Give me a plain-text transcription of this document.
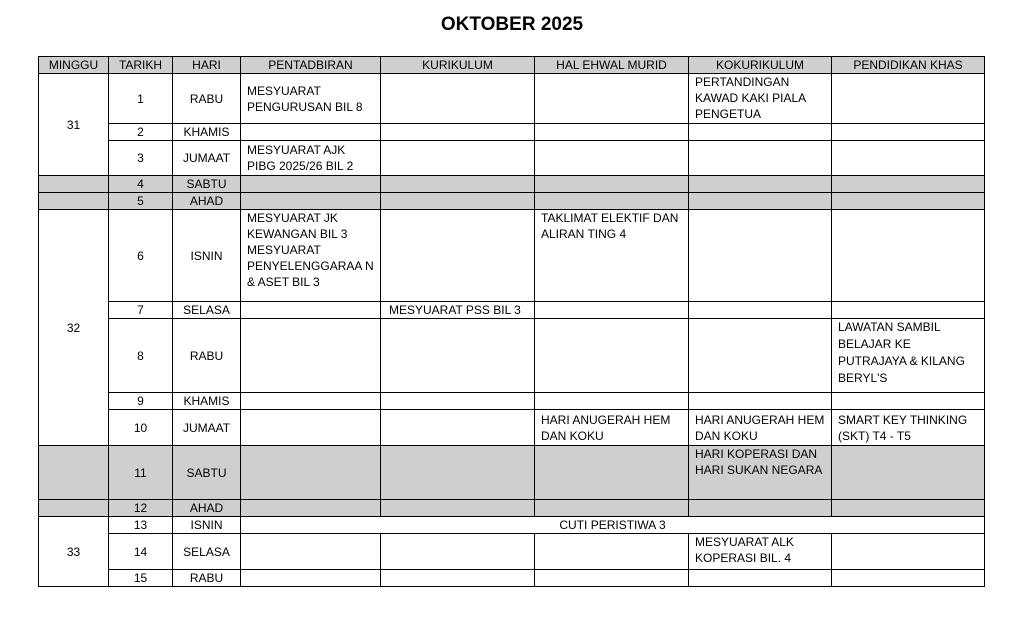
OKTOBER 2025
MINGGU	TARIKH	HARI	PENTADBIRAN	KURIKULUM	HAL EHWAL MURID	KOKURIKULUM	PENDIDIKAN KHAS
31	1	RABU	MESYUARAT PENGURUSAN BIL 8			PERTANDINGAN KAWAD KAKI PIALA PENGETUA	
	2	KHAMIS					
	3	JUMAAT	MESYUARAT AJK PIBG 2025/26 BIL 2				
	4	SABTU					
	5	AHAD					
32	6	ISNIN	MESYUARAT JK KEWANGAN BIL 3 MESYUARAT PENYELENGGARAA N & ASET BIL 3		TAKLIMAT ELEKTIF DAN ALIRAN TING 4		
	7	SELASA		MESYUARAT PSS BIL 3			
	8	RABU					LAWATAN SAMBIL BELAJAR KE PUTRAJAYA & KILANG BERYL'S
	9	KHAMIS					
	10	JUMAAT			HARI ANUGERAH HEM DAN KOKU	HARI ANUGERAH HEM DAN KOKU	SMART KEY THINKING (SKT) T4 - T5
	11	SABTU				HARI KOPERASI DAN HARI SUKAN NEGARA	
	12	AHAD					
33	13	ISNIN	CUTI PERISTIWA 3				
	14	SELASA				MESYUARAT ALK KOPERASI BIL. 4	
	15	RABU					
